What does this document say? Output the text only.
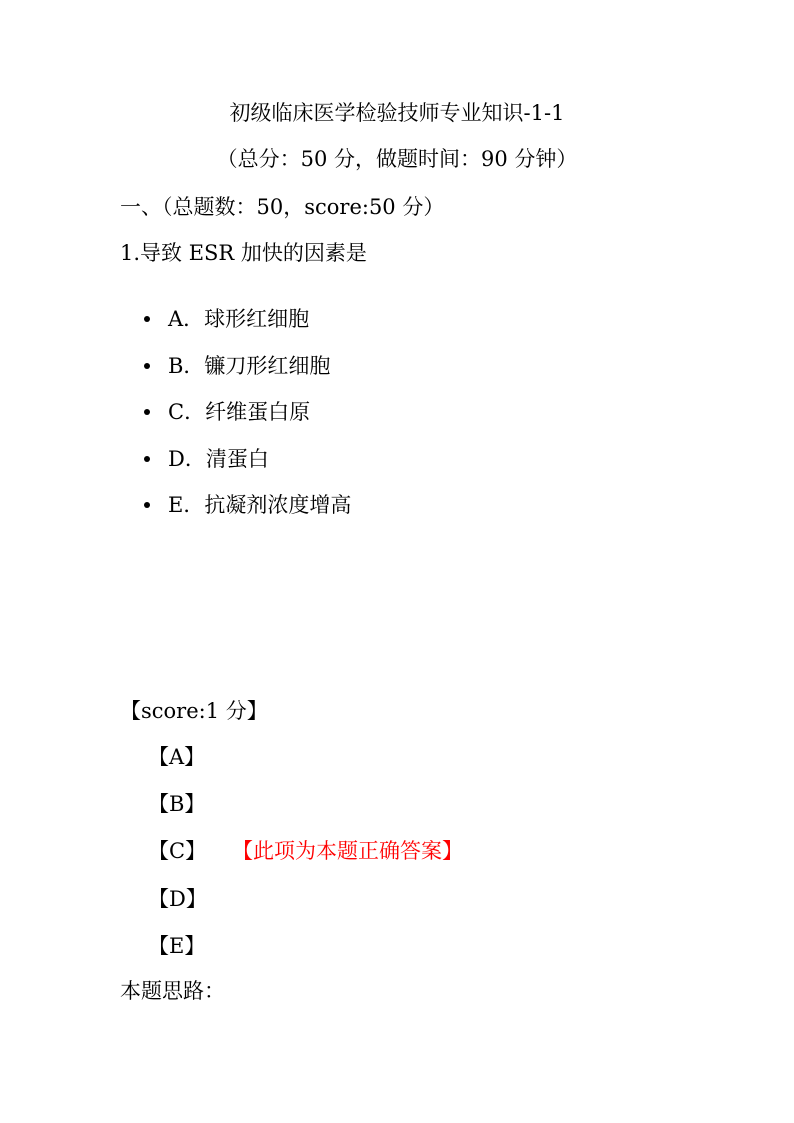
初级临床医学检验技师专业知识-1-1
（总分：50 分，做题时间：90 分钟）
一、（总题数：50，score:50 分）
1.导致 ESR 加快的因素是
A．球形红细胞
B．镰刀形红细胞
C．纤维蛋白原
D．清蛋白
E．抗凝剂浓度增高
【score:1 分】
【A】
【B】
【C】 【此项为本题正确答案】
【D】
【E】
本题思路：
